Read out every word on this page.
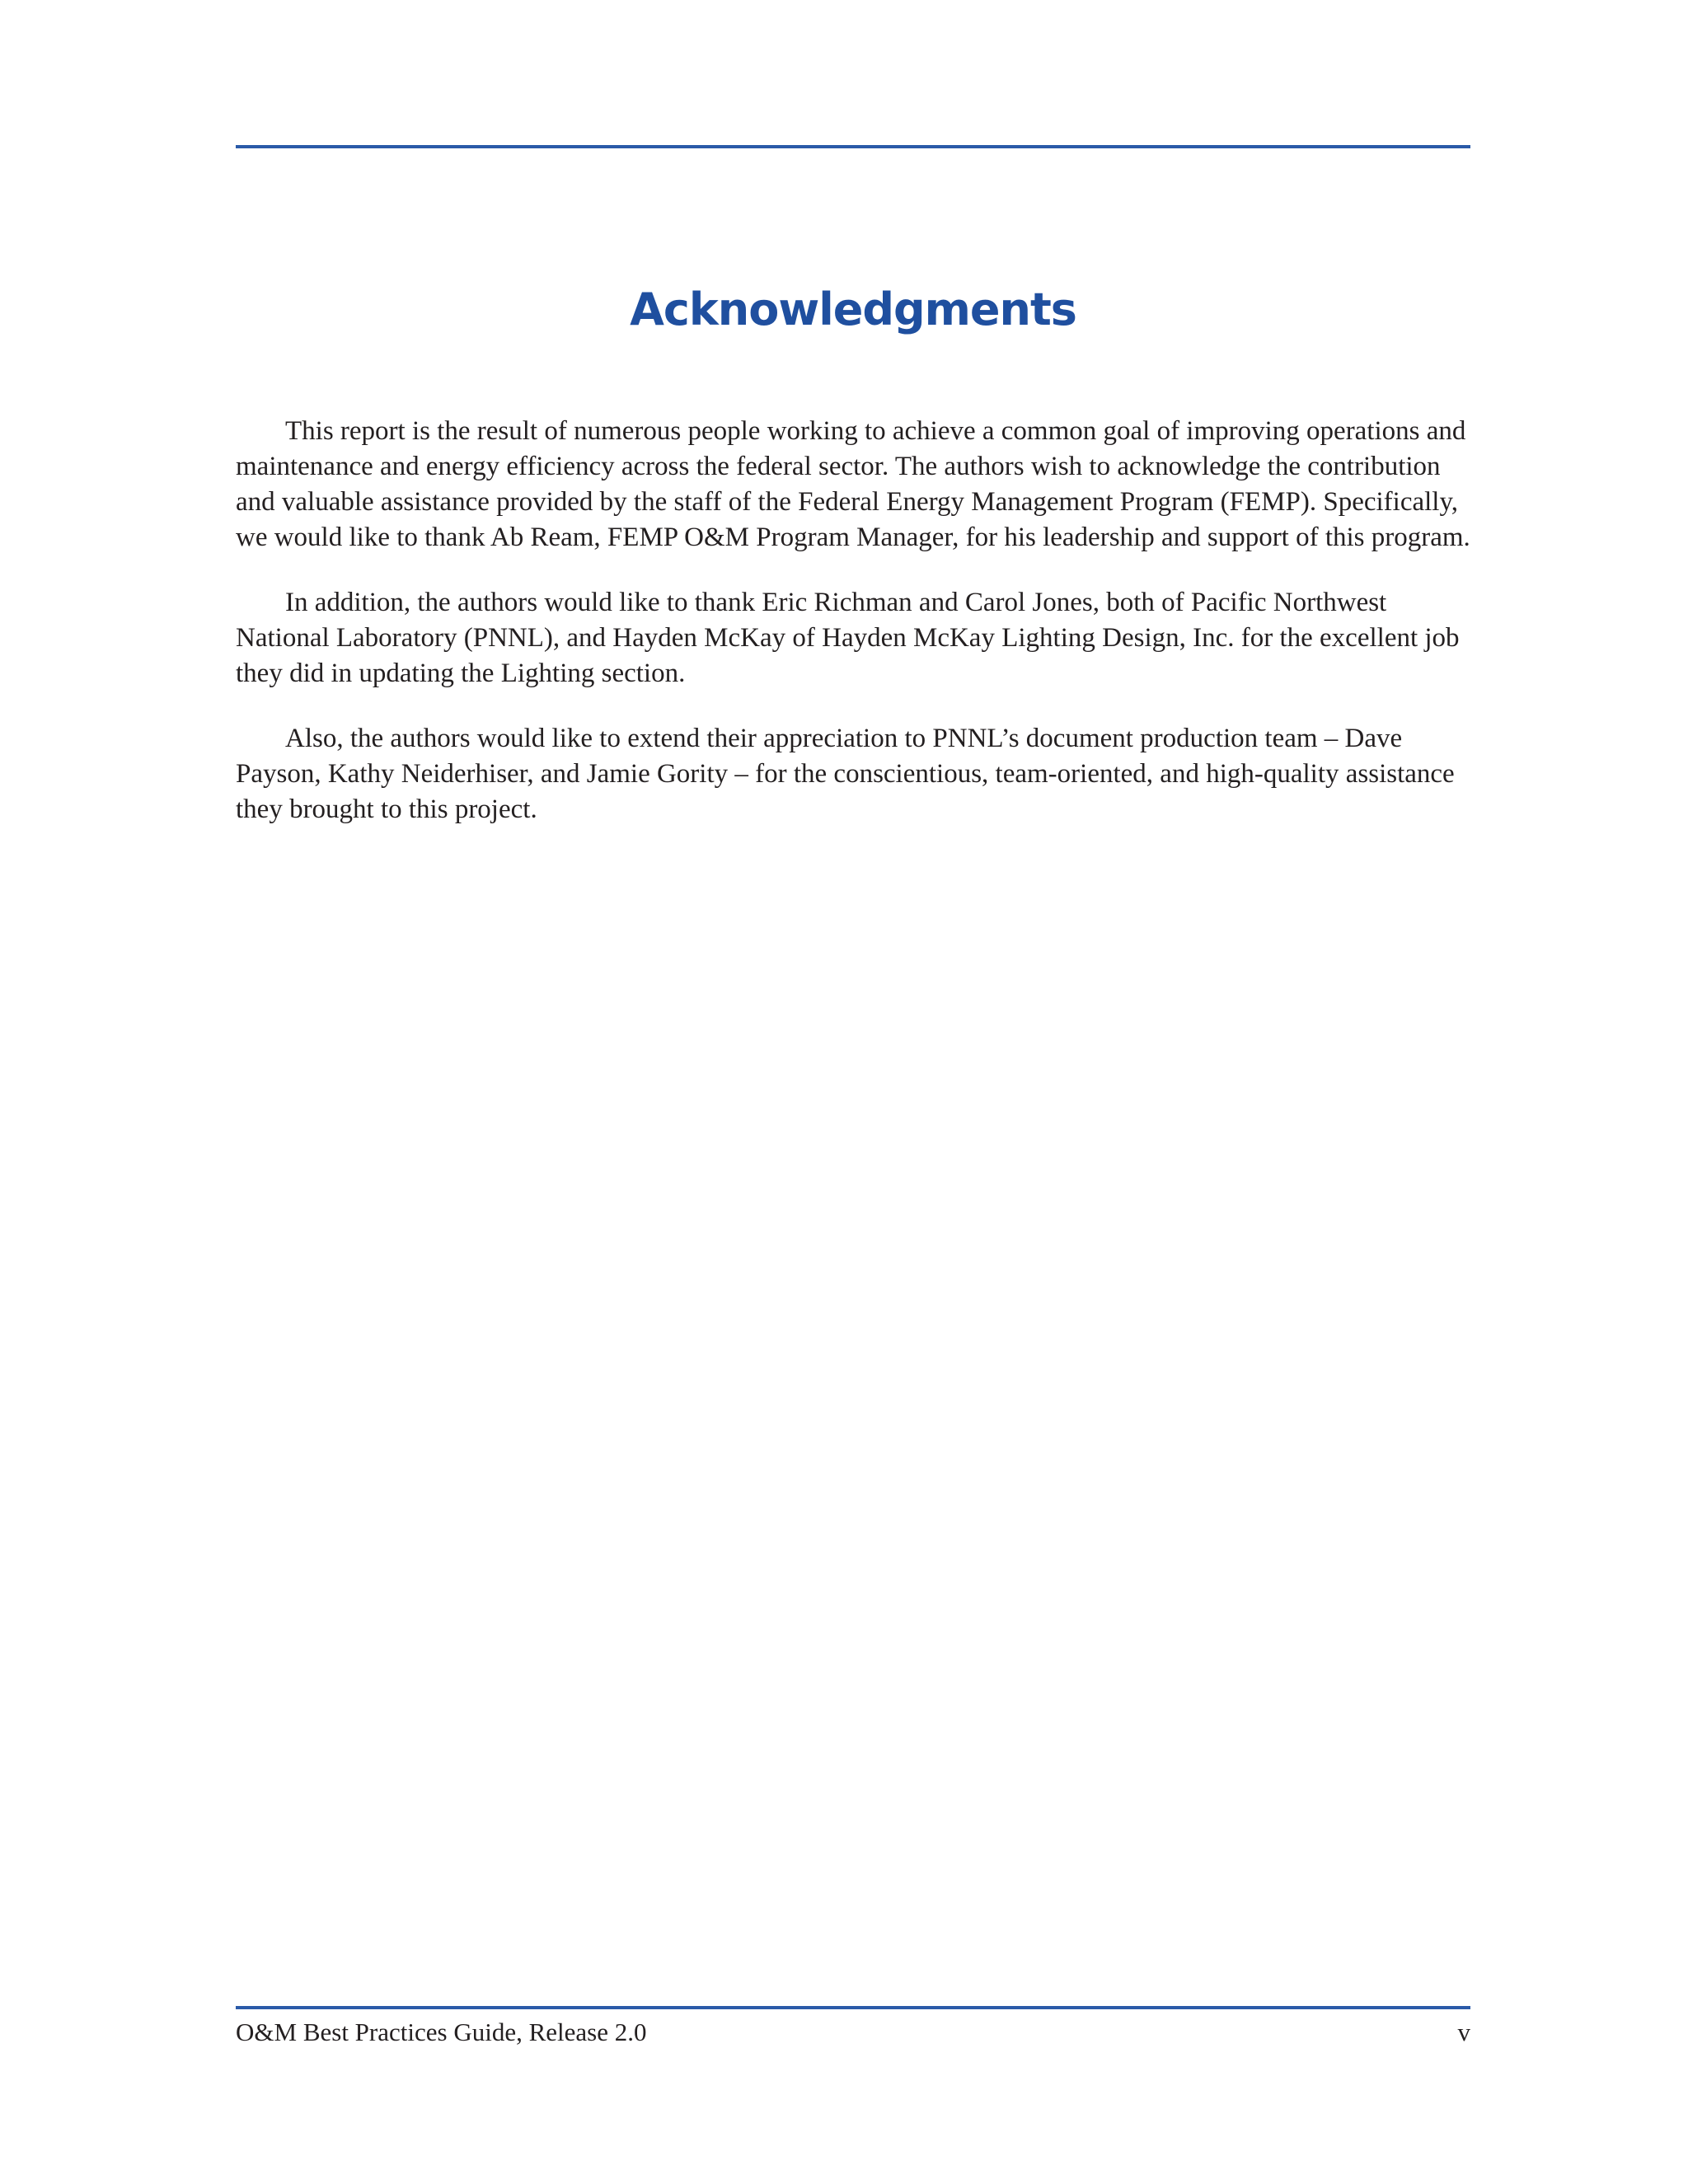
Acknowledgments

This report is the result of numerous people working to achieve a common goal of improving operations and maintenance and energy efficiency across the federal sector. The authors wish to acknowledge the contribution and valuable assistance provided by the staff of the Federal Energy Management Program (FEMP). Specifically, we would like to thank Ab Ream, FEMP O&M Program Manager, for his leadership and support of this program.

In addition, the authors would like to thank Eric Richman and Carol Jones, both of Pacific Northwest National Laboratory (PNNL), and Hayden McKay of Hayden McKay Lighting Design, Inc. for the excellent job they did in updating the Lighting section.

Also, the authors would like to extend their appreciation to PNNL’s document production team – Dave Payson, Kathy Neiderhiser, and Jamie Gority – for the conscientious, team-oriented, and high-quality assistance they brought to this project.

O&M Best Practices Guide, Release 2.0	v
